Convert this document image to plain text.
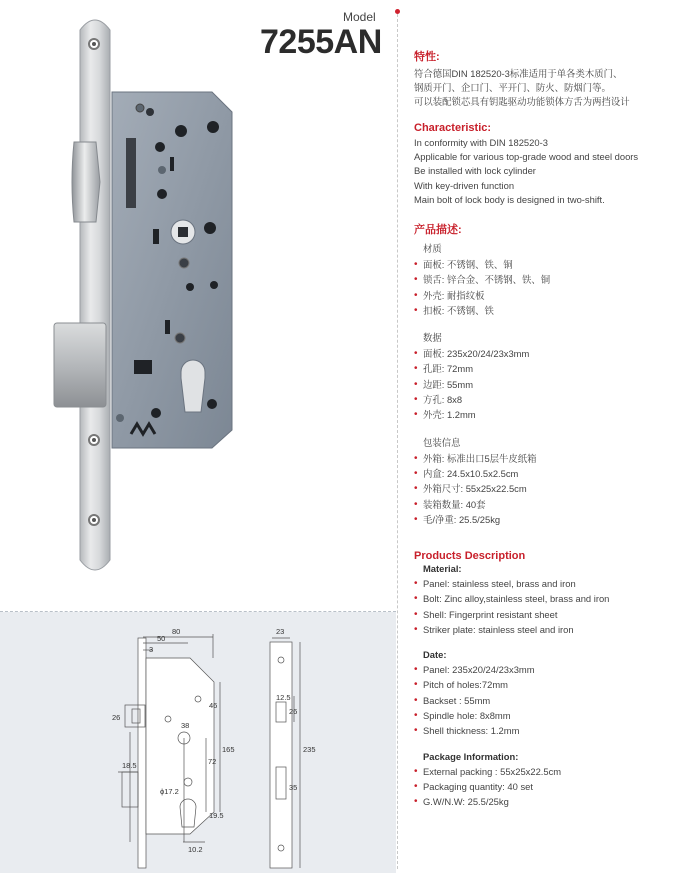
Model
7255AN
80
50
3
26
46
38
165
72
18.5
ϕ17.2
19.5
10.2
23
12.5
26
235
35
特性:
符合德国DIN 182520-3标准适用于单各类木质门、
钢质开门、企口门、平开门、防火、防烟门等。
可以装配锁芯具有钥匙驱动功能锁体方舌为两挡设计
Characteristic:
In conformity with DIN 182520-3
Applicable for various top-grade wood and steel doors
Be installed with lock cylinder
With key-driven function
Main bolt of lock body is designed in two-shift.
产品描述:
材质
• 面板: 不锈钢、铁、铜
• 锁舌: 锌合金、不锈钢、铁、铜
• 外壳: 耐指纹板
• 扣板: 不锈钢、铁
数据
• 面板: 235x20/24/23x3mm
• 孔距: 72mm
• 边距: 55mm
• 方孔: 8x8
• 外壳: 1.2mm
包装信息
• 外箱: 标准出口5层牛皮纸箱
• 内盒: 24.5x10.5x2.5cm
• 外箱尺寸: 55x25x22.5cm
• 装箱数量: 40套
• 毛/净重: 25.5/25kg
Products Description
Material:
• Panel: stainless steel, brass and iron
• Bolt: Zinc alloy,stainless steel, brass and iron
• Shell: Fingerprint resistant sheet
• Striker plate: stainless steel and iron
Date:
• Panel: 235x20/24/23x3mm
• Pitch of holes:72mm
• Backset : 55mm
• Spindle hole: 8x8mm
• Shell thickness: 1.2mm
Package Information:
• External packing : 55x25x22.5cm
• Packaging quantity: 40 set
• G.W/N.W: 25.5/25kg
